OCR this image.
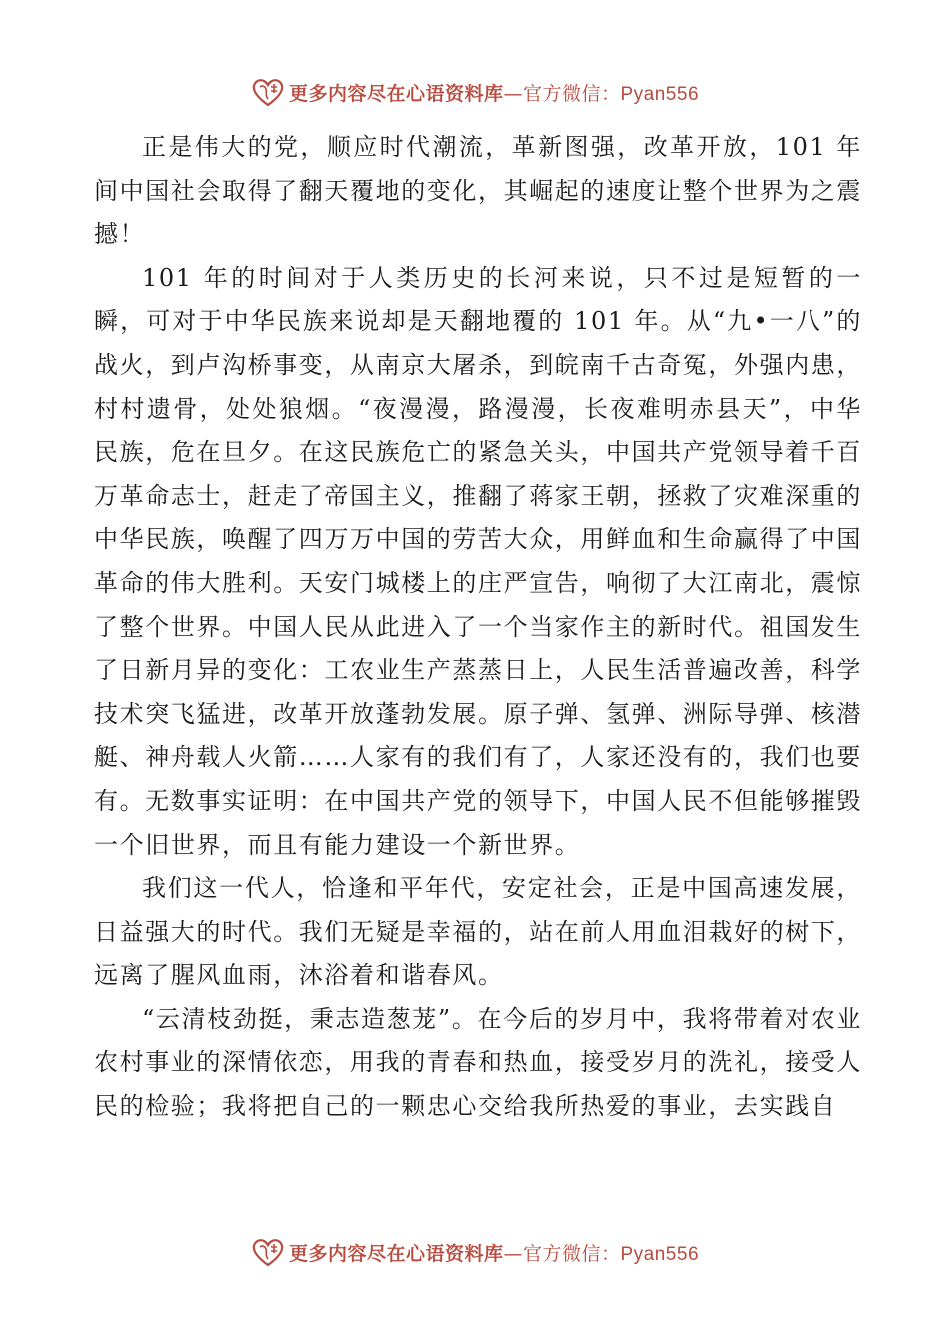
更多内容尽在心语资料库—官方微信：Pyan556

正是伟大的党，顺应时代潮流，革新图强，改革开放，101 年间中国社会取得了翻天覆地的变化，其崛起的速度让整个世界为之震撼！

101 年的时间对于人类历史的长河来说，只不过是短暂的一瞬，可对于中华民族来说却是天翻地覆的 101 年。从“九•一八”的战火，到卢沟桥事变，从南京大屠杀，到皖南千古奇冤，外强内患，村村遗骨，处处狼烟。“夜漫漫，路漫漫，长夜难明赤县天”，中华民族，危在旦夕。在这民族危亡的紧急关头，中国共产党领导着千百万革命志士，赶走了帝国主义，推翻了蒋家王朝，拯救了灾难深重的中华民族，唤醒了四万万中国的劳苦大众，用鲜血和生命赢得了中国革命的伟大胜利。天安门城楼上的庄严宣告，响彻了大江南北，震惊了整个世界。中国人民从此进入了一个当家作主的新时代。祖国发生了日新月异的变化：工农业生产蒸蒸日上，人民生活普遍改善，科学技术突飞猛进，改革开放蓬勃发展。原子弹、氢弹、洲际导弹、核潜艇、神舟载人火箭……人家有的我们有了，人家还没有的，我们也要有。无数事实证明：在中国共产党的领导下，中国人民不但能够摧毁一个旧世界，而且有能力建设一个新世界。

我们这一代人，恰逢和平年代，安定社会，正是中国高速发展，日益强大的时代。我们无疑是幸福的，站在前人用血泪栽好的树下，远离了腥风血雨，沐浴着和谐春风。

“云清枝劲挺，秉志造葱茏”。在今后的岁月中，我将带着对农业农村事业的深情依恋，用我的青春和热血，接受岁月的洗礼，接受人民的检验；我将把自己的一颗忠心交给我所热爱的事业，去实践自

更多内容尽在心语资料库—官方微信：Pyan556
